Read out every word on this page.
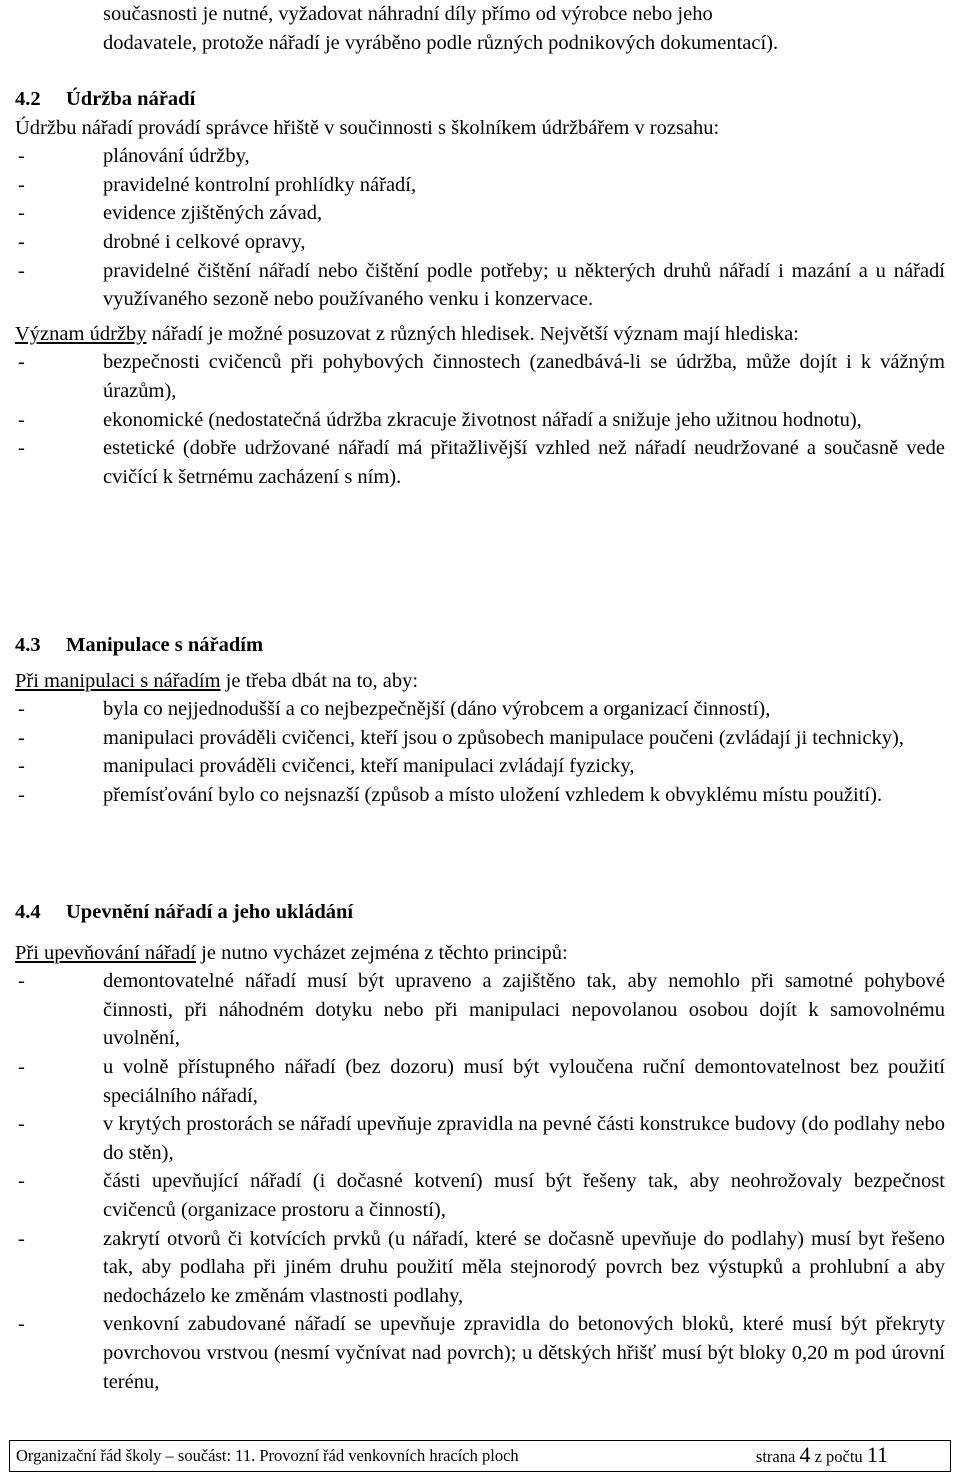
současnosti je nutné, vyžadovat náhradní díly přímo od výrobce nebo jeho

dodavatele, protože nářadí je vyráběno podle různých podnikových dokumentací).

4.2 Údržba nářadí

Údržbu nářadí provádí správce hřiště v součinnosti s školníkem údržbářem v rozsahu:

-	plánování údržby,
-	pravidelné kontrolní prohlídky nářadí,
-	evidence zjištěných závad,
-	drobné i celkové opravy,
-	pravidelné čištění nářadí nebo čištění podle potřeby; u některých druhů nářadí i mazání a u nářadí využívaného sezoně nebo používaného venku i konzervace.

Význam údržby nářadí je možné posuzovat z různých hledisek. Největší význam mají hlediska:

-	bezpečnosti cvičenců při pohybových činnostech (zanedbává-li se údržba, může dojít i k vážným úrazům),
-	ekonomické (nedostatečná údržba zkracuje životnost nářadí a snižuje jeho užitnou hodnotu),
-	estetické (dobře udržované nářadí má přitažlivější vzhled než nářadí neudržované a současně vede cvičící k šetrnému zacházení s ním).

4.3 Manipulace s nářadím

Při manipulaci s nářadím je třeba dbát na to, aby:

-	byla co nejjednodušší a co nejbezpečnější (dáno výrobcem a organizací činností),
-	manipulaci prováděli cvičenci, kteří jsou o způsobech manipulace poučeni (zvládají ji technicky),
-	manipulaci prováděli cvičenci, kteří manipulaci zvládají fyzicky,
-	přemísťování bylo co nejsnazší (způsob a místo uložení vzhledem k obvyklému místu použití).

4.4 Upevnění nářadí a jeho ukládání

Při upevňování nářadí je nutno vycházet zejména z těchto principů:

-	demontovatelné nářadí musí být upraveno a zajištěno tak, aby nemohlo při samotné pohybové činnosti, při náhodném dotyku nebo při manipulaci nepovolanou osobou dojít k samovolnému uvolnění,
-	u volně přístupného nářadí (bez dozoru) musí být vyloučena ruční demontovatelnost bez použití speciálního nářadí,
-	v krytých prostorách se nářadí upevňuje zpravidla na pevné části konstrukce budovy (do podlahy nebo do stěn),
-	části upevňující nářadí (i dočasné kotvení) musí být řešeny tak, aby neohrožovaly bezpečnost cvičenců (organizace prostoru a činností),
-	zakrytí otvorů či kotvících prvků (u nářadí, které se dočasně upevňuje do podlahy) musí byt řešeno tak, aby podlaha při jiném druhu použití měla stejnorodý povrch bez výstupků a prohlubní a aby nedocházelo ke změnám vlastnosti podlahy,
-	venkovní zabudované nářadí se upevňuje zpravidla do betonových bloků, které musí být překryty povrchovou vrstvou (nesmí vyčnívat nad povrch); u dětských hřišť musí být bloky 0,20 m pod úrovní terénu,
Organizační řád školy – součást: 11. Provozní řád venkovních hracích ploch	strana 4 z počtu 11
